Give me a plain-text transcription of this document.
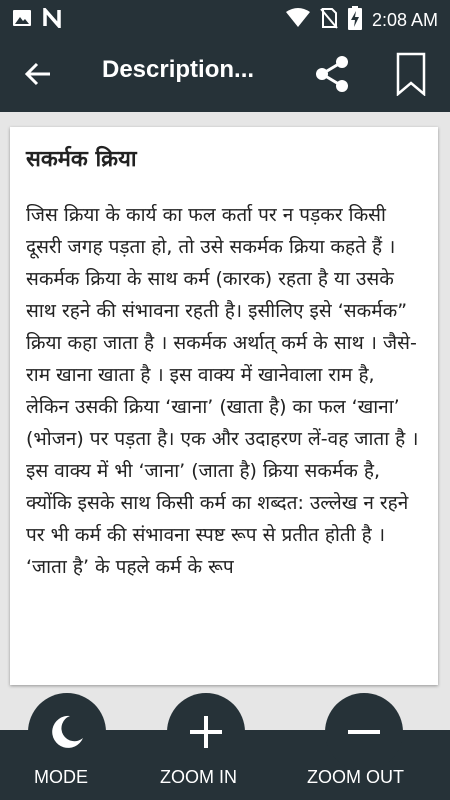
2:08 AM
Description...
सकर्मक क्रिया
जिस क्रिया के कार्य का फल कर्ता पर न पड़कर किसी दूसरी जगह पड़ता हो, तो उसे सकर्मक क्रिया कहते हैं ।
सकर्मक क्रिया के साथ कर्म (कारक) रहता है या उसके साथ रहने की संभावना रहती है। इसीलिए इसे ‘सकर्मक” क्रिया कहा जाता है । सकर्मक अर्थात् कर्म के साथ । जैसे-राम खाना खाता है । इस वाक्य में खानेवाला राम है, लेकिन उसकी क्रिया ‘खाना’ (खाता है) का फल ‘खाना’ (भोजन) पर पड़ता है। एक और उदाहरण लें-वह जाता है । इस वाक्य में भी ‘जाना’ (जाता है) क्रिया सकर्मक है, क्योंकि इसके साथ किसी कर्म का शब्दत: उल्लेख न रहने पर भी कर्म की संभावना स्पष्ट रूप से प्रतीत होती है । ‘जाता है’ के पहले कर्म के रूप
MODE	ZOOM IN	ZOOM OUT
